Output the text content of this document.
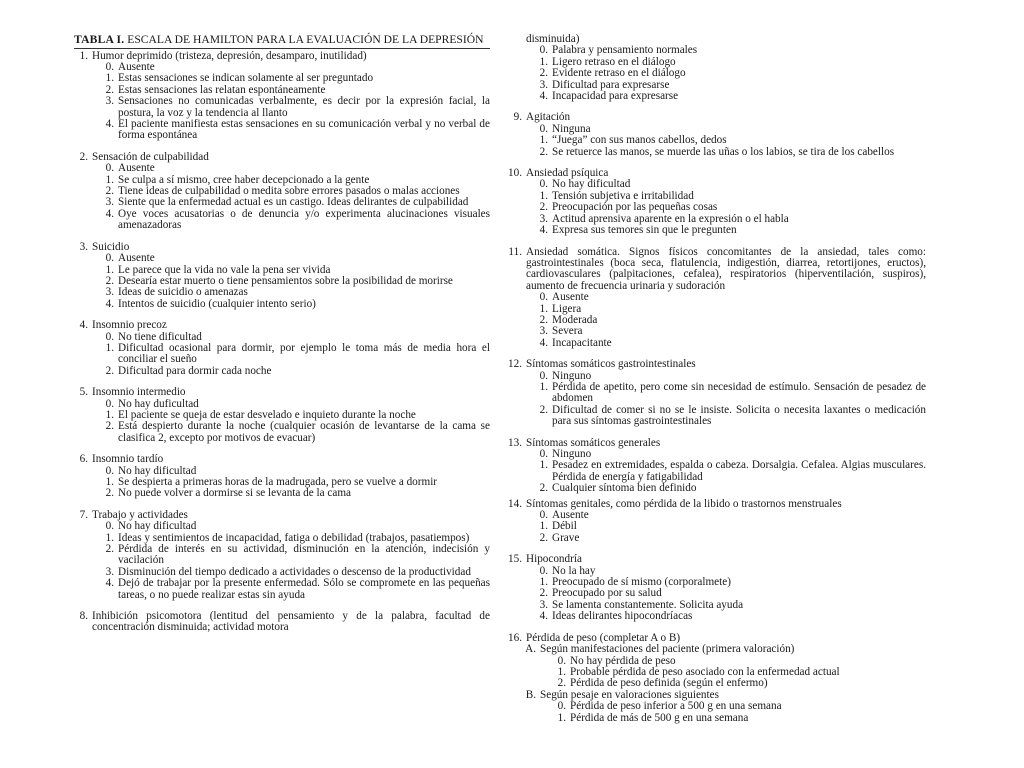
TABLA I. ESCALA DE HAMILTON PARA LA EVALUACIÓN DE LA DEPRESIÓN
1. Humor deprimido (tristeza, depresión, desamparo, inutilidad)
0. Ausente
1. Estas sensaciones se indican solamente al ser preguntado
2. Estas sensaciones las relatan espontáneamente
3. Sensaciones no comunicadas verbalmente, es decir por la expresión facial, la postura, la voz y la tendencia al llanto
4. El paciente manifiesta estas sensaciones en su comunicación verbal y no verbal de forma espontánea
2. Sensación de culpabilidad
0. Ausente
1. Se culpa a sí mismo, cree haber decepcionado a la gente
2. Tiene ideas de culpabilidad o medita sobre errores pasados o malas acciones
3. Siente que la enfermedad actual es un castigo. Ideas delirantes de culpabilidad
4. Oye voces acusatorias o de denuncia y/o experimenta alucinaciones visuales amenazadoras
3. Suicidio
0. Ausente
1. Le parece que la vida no vale la pena ser vivida
2. Desearía estar muerto o tiene pensamientos sobre la posibilidad de morirse
3. Ideas de suicidio o amenazas
4. Intentos de suicidio (cualquier intento serio)
4. Insomnio precoz
0. No tiene dificultad
1. Dificultad ocasional para dormir, por ejemplo le toma más de media hora el conciliar el sueño
2. Dificultad para dormir cada noche
5. Insomnio intermedio
0. No hay duficultad
1. El paciente se queja de estar desvelado e inquieto durante la noche
2. Está despierto durante la noche (cualquier ocasión de levantarse de la cama se clasifica 2, excepto por motivos de evacuar)
6. Insomnio tardío
0. No hay dificultad
1. Se despierta a primeras horas de la madrugada, pero se vuelve a dormir
2. No puede volver a dormirse si se levanta de la cama
7. Trabajo y actividades
0. No hay dificultad
1. Ideas y sentimientos de incapacidad, fatiga o debilidad (trabajos, pasatiempos)
2. Pérdida de interés en su actividad, disminución en la atención, indecisión y vacilación
3. Disminución del tiempo dedicado a actividades o descenso de la productividad
4. Dejó de trabajar por la presente enfermedad. Sólo se compromete en las pequeñas tareas, o no puede realizar estas sin ayuda
8. Inhibición psicomotora (lentitud del pensamiento y de la palabra, facultad de concentración disminuida; actividad motora
disminuida)
0. Palabra y pensamiento normales
1. Ligero retraso en el diálogo
2. Evidente retraso en el diálogo
3. Dificultad para expresarse
4. Incapacidad para expresarse
9. Agitación
0. Ninguna
1. “Juega” con sus manos cabellos, dedos
2. Se retuerce las manos, se muerde las uñas o los labios, se tira de los cabellos
10. Ansiedad psíquica
0. No hay dificultad
1. Tensión subjetiva e irritabilidad
2. Preocupación por las pequeñas cosas
3. Actitud aprensiva aparente en la expresión o el habla
4. Expresa sus temores sin que le pregunten
11. Ansiedad somática. Signos físicos concomitantes de la ansiedad, tales como: gastrointestinales (boca seca, flatulencia, indigestión, diarrea, retortijones, eructos), cardiovasculares (palpitaciones, cefalea), respiratorios (hiperventilación, suspiros), aumento de frecuencia urinaria y sudoración
0. Ausente
1. Ligera
2. Moderada
3. Severa
4. Incapacitante
12. Síntomas somáticos gastrointestinales
0. Ninguno
1. Pérdida de apetito, pero come sin necesidad de estímulo. Sensación de pesadez de abdomen
2. Dificultad de comer si no se le insiste. Solicita o necesita laxantes o medicación para sus síntomas gastrointestinales
13. Síntomas somáticos generales
0. Ninguno
1. Pesadez en extremidades, espalda o cabeza. Dorsalgia. Cefalea. Algias musculares. Pérdida de energía y fatigabilidad
2. Cualquier síntoma bien definido
14. Síntomas genitales, como pérdida de la libido o trastornos menstruales
0. Ausente
1. Débil
2. Grave
15. Hipocondría
0. No la hay
1. Preocupado de sí mismo (corporalmete)
2. Preocupado por su salud
3. Se lamenta constantemente. Solicita ayuda
4. Ideas delirantes hipocondríacas
16. Pérdida de peso (completar A o B)
A. Según manifestaciones del paciente (primera valoración)
0. No hay pérdida de peso
1. Probable pérdida de peso asociado con la enfermedad actual
2. Pérdida de peso definida (según el enfermo)
B. Según pesaje en valoraciones siguientes
0. Pérdida de peso inferior a 500 g en una semana
1. Pérdida de más de 500 g en una semana
